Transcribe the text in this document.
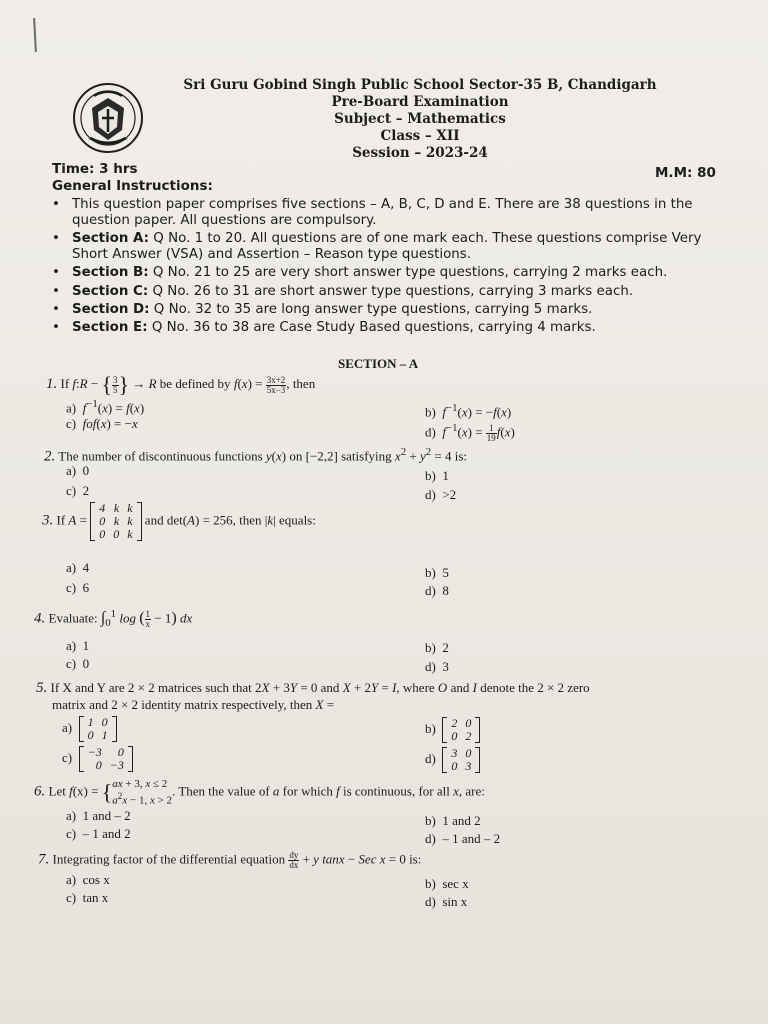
Sri Guru Gobind Singh Public School Sector-35 B, Chandigarh
Pre-Board Examination
Subject – Mathematics
Class – XII
Session – 2023-24
Time: 3 hrs	M.M: 80
General Instructions:
• This question paper comprises five sections – A, B, C, D and E. There are 38 questions in the question paper. All questions are compulsory.
• Section A: Q No. 1 to 20. All questions are of one mark each. These questions comprise Very Short Answer (VSA) and Assertion – Reason type questions.
• Section B: Q No. 21 to 25 are very short answer type questions, carrying 2 marks each.
• Section C: Q No. 26 to 31 are short answer type questions, carrying 3 marks each.
• Section D: Q No. 32 to 35 are long answer type questions, carrying 5 marks.
• Section E: Q No. 36 to 38 are Case Study Based questions, carrying 4 marks.
SECTION – A
1. If f:R − { $\frac{3}{5}$ } → R be defined by $f(x) = \frac{3x+2}{5x-3}$ , then
a)  $f^{-1}(x) = f(x)$
c)  fof(x) = −x
b)  $f^{-1}(x) = -f(x)$
d)  $f^{-1}(x) = \frac{1}{19} f(x)$
2. The number of discontinuous functions y(x) on [−2,2] satisfying $x^2 + y^2 = 4$ is:
a)  0
c)  2
b)  1
d)  >2
3. If A =
4	k	k
0	k	k
0	0	k
and det(A) = 256, then |k| equals:
a)  4
c)  6
b)  5
d)  8
4. Evaluate: $\int_0^1$ log ( $\frac{1}{x} - 1$) dx
a)  1
c)  0
b)  2
d)  3
5. If X and Y are 2 × 2 matrices such that 2X + 3Y = 0 and X + 2Y = I, where O and I denote the 2 × 2 zero
matrix and 2 × 2 identity matrix respectively, then X =
a) 1	0
0	1
c) −3	0
0	−3
b) 2	0
0	2
d) 3	0
0	3
6. Let f(x) = {ax + 3, x ≤ 2
$a^2x - 1$, x > 2. Then the value of a for which f is continuous, for all x, are:
a)  1 and – 2
c)  – 1 and 2
b)  1 and 2
d)  – 1 and – 2
7. Integrating factor of the differential equation $\frac{dy}{dx} + y$ tanx − Sec x = 0 is:
a)  cos x
c)  tan x
b)  sec x
d)  sin x
